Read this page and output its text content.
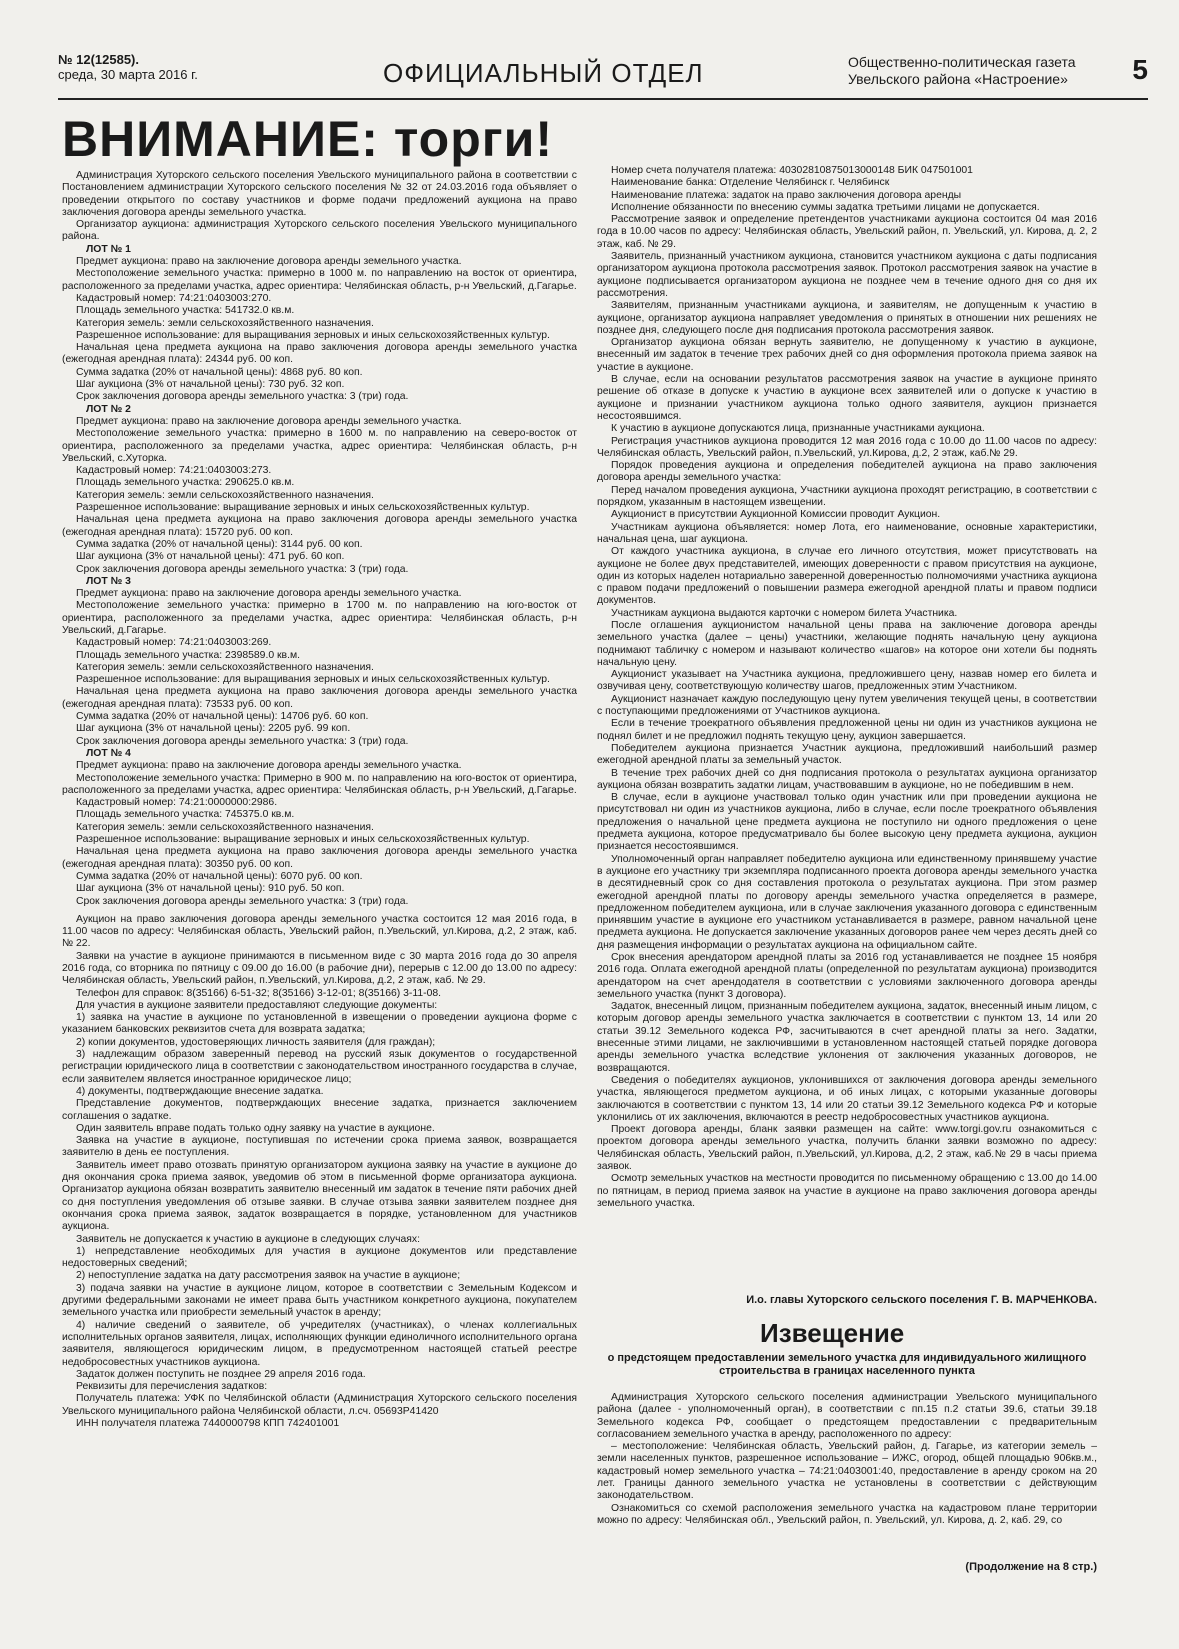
№ 12(12585).
среда, 30 марта 2016 г.	ОФИЦИАЛЬНЫЙ ОТДЕЛ	Общественно-политическая газета
Увельского района «Настроение» 5
ВНИМАНИЕ: торги!

Администрация Хуторского сельского поселения Увельского муниципального района в соответствии с Постановлением администрации Хуторского сельского поселения № 32 от 24.03.2016 года объявляет о проведении открытого по составу участников и форме подачи предложений аукциона на право заключения договора аренды земельного участка.

Организатор аукциона: администрация Хуторского сельского поселения Увельского муниципального района.

ЛОТ № 1

Предмет аукциона: право на заключение договора аренды земельного участка.

Местоположение земельного участка: примерно в 1000 м. по направлению на восток от ориентира, расположенного за пределами участка, адрес ориентира: Челябинская область, р-н Увельский, д.Гагарье.

Кадастровый номер: 74:21:0403003:270.

Площадь земельного участка: 541732.0 кв.м.

Категория земель: земли сельскохозяйственного назначения.

Разрешенное использование: для выращивания зерновых и иных сельскохозяйственных культур.

Начальная цена предмета аукциона на право заключения договора аренды земельного участка (ежегодная арендная плата): 24344 руб. 00 коп.

Сумма задатка (20% от начальной цены): 4868 руб. 80 коп.

Шаг аукциона (3% от начальной цены): 730 руб. 32 коп.

Срок заключения договора аренды земельного участка: 3 (три) года.

ЛОТ № 2

Предмет аукциона: право на заключение договора аренды земельного участка.

Местоположение земельного участка: примерно в 1600 м. по направлению на северо-восток от ориентира, расположенного за пределами участка, адрес ориентира: Челябинская область, р-н Увельский, с.Хуторка.

Кадастровый номер: 74:21:0403003:273.

Площадь земельного участка: 290625.0 кв.м.

Категория земель: земли сельскохозяйственного назначения.

Разрешенное использование: выращивание зерновых и иных сельскохозяйственных культур.

Начальная цена предмета аукциона на право заключения договора аренды земельного участка (ежегодная арендная плата): 15720 руб. 00 коп.

Сумма задатка (20% от начальной цены): 3144 руб. 00 коп.

Шаг аукциона (3% от начальной цены): 471 руб. 60 коп.

Срок заключения договора аренды земельного участка: 3 (три) года.

ЛОТ № 3

Предмет аукциона: право на заключение договора аренды земельного участка.

Местоположение земельного участка: примерно в 1700 м. по направлению на юго-восток от ориентира, расположенного за пределами участка, адрес ориентира: Челябинская область, р-н Увельский, д.Гагарье.

Кадастровый номер: 74:21:0403003:269.

Площадь земельного участка: 2398589.0 кв.м.

Категория земель: земли сельскохозяйственного назначения.

Разрешенное использование: для выращивания зерновых и иных сельскохозяйственных культур.

Начальная цена предмета аукциона на право заключения договора аренды земельного участка (ежегодная арендная плата): 73533 руб. 00 коп.

Сумма задатка (20% от начальной цены): 14706 руб. 60 коп.

Шаг аукциона (3% от начальной цены): 2205 руб. 99 коп.

Срок заключения договора аренды земельного участка: 3 (три) года.

ЛОТ № 4

Предмет аукциона: право на заключение договора аренды земельного участка.

Местоположение земельного участка: Примерно в 900 м. по направлению на юго-восток от ориентира, расположенного за пределами участка, адрес ориентира: Челябинская область, р-н Увельский, д.Гагарье.

Кадастровый номер: 74:21:0000000:2986.

Площадь земельного участка: 745375.0 кв.м.

Категория земель: земли сельскохозяйственного назначения.

Разрешенное использование: выращивание зерновых и иных сельскохозяйственных культур.

Начальная цена предмета аукциона на право заключения договора аренды земельного участка (ежегодная арендная плата): 30350 руб. 00 коп.

Сумма задатка (20% от начальной цены): 6070 руб. 00 коп.

Шаг аукциона (3% от начальной цены): 910 руб. 50 коп.

Срок заключения договора аренды земельного участка: 3 (три) года.

Аукцион на право заключения договора аренды земельного участка состоится 12 мая 2016 года, в 11.00 часов по адресу: Челябинская область, Увельский район, п.Увельский, ул.Кирова, д.2, 2 этаж, каб.№ 22.

Заявки на участие в аукционе принимаются в письменном виде с 30 марта 2016 года до 30 апреля 2016 года, со вторника по пятницу с 09.00 до 16.00 (в рабочие дни), перерыв с 12.00 до 13.00 по адресу: Челябинская область, Увельский район, п.Увельский, ул.Кирова, д.2, 2 этаж, каб. № 29.

Телефон для справок: 8(35166) 6-51-32; 8(35166) 3-12-01; 8(35166) 3-11-08.

Для участия в аукционе заявители предоставляют следующие документы:

1) заявка на участие в аукционе по установленной в извещении о проведении аукциона форме с указанием банковских реквизитов счета для возврата задатка;

2) копии документов, удостоверяющих личность заявителя (для граждан);

3) надлежащим образом заверенный перевод на русский язык документов о государственной регистрации юридического лица в соответствии с законодательством иностранного государства в случае, если заявителем является иностранное юридическое лицо;

4) документы, подтверждающие внесение задатка.

Представление документов, подтверждающих внесение задатка, признается заключением соглашения о задатке.

Один заявитель вправе подать только одну заявку на участие в аукционе.

Заявка на участие в аукционе, поступившая по истечении срока приема заявок, возвращается заявителю в день ее поступления.

Заявитель имеет право отозвать принятую организатором аукциона заявку на участие в аукционе до дня окончания срока приема заявок, уведомив об этом в письменной форме организатора аукциона. Организатор аукциона обязан возвратить заявителю внесенный им задаток в течение пяти рабочих дней со дня поступления уведомления об отзыве заявки. В случае отзыва заявки заявителем позднее дня окончания срока приема заявок, задаток возвращается в порядке, установленном для участников аукциона.

Заявитель не допускается к участию в аукционе в следующих случаях:

1) непредставление необходимых для участия в аукционе документов или представление недостоверных сведений;

2) непоступление задатка на дату рассмотрения заявок на участие в аукционе;

3) подача заявки на участие в аукционе лицом, которое в соответствии с Земельным Кодексом и другими федеральными законами не имеет права быть участником конкретного аукциона, покупателем земельного участка или приобрести земельный участок в аренду;

4) наличие сведений о заявителе, об учредителях (участниках), о членах коллегиальных исполнительных органов заявителя, лицах, исполняющих функции единоличного исполнительного органа заявителя, являющегося юридическим лицом, в предусмотренном настоящей статьей реестре недобросовестных участников аукциона.

Задаток должен поступить не позднее 29 апреля 2016 года.

Реквизиты для перечисления задатков:

Получатель платежа: УФК по Челябинской области (Администрация Хуторского сельского поселения Увельского муниципального района Челябинской области, л.сч. 05693P41420

ИНН получателя платежа 7440000798 КПП 742401001

Номер счета получателя платежа: 40302810875013000148 БИК 047501001

Наименование банка: Отделение Челябинск г. Челябинск

Наименование платежа: задаток на право заключения договора аренды

Исполнение обязанности по внесению суммы задатка третьими лицами не допускается.

Рассмотрение заявок и определение претендентов участниками аукциона состоится 04 мая 2016 года в 10.00 часов по адресу: Челябинская область, Увельский район, п. Увельский, ул. Кирова, д. 2, 2 этаж, каб. № 29.

Заявитель, признанный участником аукциона, становится участником аукциона с даты подписания организатором аукциона протокола рассмотрения заявок. Протокол рассмотрения заявок на участие в аукционе подписывается организатором аукциона не позднее чем в течение одного дня со дня их рассмотрения.

Заявителям, признанным участниками аукциона, и заявителям, не допущенным к участию в аукционе, организатор аукциона направляет уведомления о принятых в отношении них решениях не позднее дня, следующего после дня подписания протокола рассмотрения заявок.

Организатор аукциона обязан вернуть заявителю, не допущенному к участию в аукционе, внесенный им задаток в течение трех рабочих дней со дня оформления протокола приема заявок на участие в аукционе.

В случае, если на основании результатов рассмотрения заявок на участие в аукционе принято решение об отказе в допуске к участию в аукционе всех заявителей или о допуске к участию в аукционе и признании участником аукциона только одного заявителя, аукцион признается несостоявшимся.

К участию в аукционе допускаются лица, признанные участниками аукциона.

Регистрация участников аукциона проводится 12 мая 2016 года с 10.00 до 11.00 часов по адресу: Челябинская область, Увельский район, п.Увельский, ул.Кирова, д.2, 2 этаж, каб.№ 29.

Порядок проведения аукциона и определения победителей аукциона на право заключения договора аренды земельного участка:

Перед началом проведения аукциона, Участники аукциона проходят регистрацию, в соответствии с порядком, указанным в настоящем извещении.

Аукционист в присутствии Аукционной Комиссии проводит Аукцион.

Участникам аукциона объявляется: номер Лота, его наименование, основные характеристики, начальная цена, шаг аукциона.

От каждого участника аукциона, в случае его личного отсутствия, может присутствовать на аукционе не более двух представителей, имеющих доверенности с правом присутствия на аукционе, один из которых наделен нотариально заверенной доверенностью полномочиями участника аукциона с правом подачи предложений о повышении размера ежегодной арендной платы и правом подписи документов.

Участникам аукциона выдаются карточки с номером билета Участника.

После оглашения аукционистом начальной цены права на заключение договора аренды земельного участка (далее – цены) участники, желающие поднять начальную цену аукциона поднимают табличку с номером и называют количество «шагов» на которое они хотели бы поднять начальную цену.

Аукционист указывает на Участника аукциона, предложившего цену, назвав номер его билета и озвучивая цену, соответствующую количеству шагов, предложенных этим Участником.

Аукционист назначает каждую последующую цену путем увеличения текущей цены, в соответствии с поступающими предложениями от Участников аукциона.

Если в течение троекратного объявления предложенной цены ни один из участников аукциона не поднял билет и не предложил поднять текущую цену, аукцион завершается.

Победителем аукциона признается Участник аукциона, предложивший наибольший размер ежегодной арендной платы за земельный участок.

В течение трех рабочих дней со дня подписания протокола о результатах аукциона организатор аукциона обязан возвратить задатки лицам, участвовавшим в аукционе, но не победившим в нем.

В случае, если в аукционе участвовал только один участник или при проведении аукциона не присутствовал ни один из участников аукциона, либо в случае, если после троекратного объявления предложения о начальной цене предмета аукциона не поступило ни одного предложения о цене предмета аукциона, которое предусматривало бы более высокую цену предмета аукциона, аукцион признается несостоявшимся.

Уполномоченный орган направляет победителю аукциона или единственному принявшему участие в аукционе его участнику три экземпляра подписанного проекта договора аренды земельного участка в десятидневный срок со дня составления протокола о результатах аукциона. При этом размер ежегодной арендной платы по договору аренды земельного участка определяется в размере, предложенном победителем аукциона, или в случае заключения указанного договора с единственным принявшим участие в аукционе его участником устанавливается в размере, равном начальной цене предмета аукциона. Не допускается заключение указанных договоров ранее чем через десять дней со дня размещения информации о результатах аукциона на официальном сайте.

Срок внесения арендатором арендной платы за 2016 год устанавливается не позднее 15 ноября 2016 года. Оплата ежегодной арендной платы (определенной по результатам аукциона) производится арендатором на счет арендодателя в соответствии с условиями заключенного договора аренды земельного участка (пункт 3 договора).

Задаток, внесенный лицом, признанным победителем аукциона, задаток, внесенный иным лицом, с которым договор аренды земельного участка заключается в соответствии с пунктом 13, 14 или 20 статьи 39.12 Земельного кодекса РФ, засчитываются в счет арендной платы за него. Задатки, внесенные этими лицами, не заключившими в установленном настоящей статьей порядке договора аренды земельного участка вследствие уклонения от заключения указанных договоров, не возвращаются.

Сведения о победителях аукционов, уклонившихся от заключения договора аренды земельного участка, являющегося предметом аукциона, и об иных лицах, с которыми указанные договоры заключаются в соответствии с пунктом 13, 14 или 20 статьи 39.12 Земельного кодекса РФ и которые уклонились от их заключения, включаются в реестр недобросовестных участников аукциона.

Проект договора аренды, бланк заявки размещен на сайте: www.torgi.gov.ru ознакомиться с проектом договора аренды земельного участка, получить бланки заявки возможно по адресу: Челябинская область, Увельский район, п.Увельский, ул.Кирова, д.2, 2 этаж, каб.№ 29 в часы приема заявок.

Осмотр земельных участков на местности проводится по письменному обращению с 13.00 до 14.00 по пятницам, в период приема заявок на участие в аукционе на право заключения договора аренды земельного участка.

И.о. главы Хуторского сельского поселения Г. В. МАРЧЕНКОВА.
Извещение
о предстоящем предоставлении земельного участка для индивидуального жилищного строительства в границах населенного пункта

Администрация Хуторского сельского поселения администрации Увельского муниципального района (далее - уполномоченный орган), в соответствии с пп.15 п.2 статьи 39.6, статьи 39.18 Земельного кодекса РФ, сообщает о предстоящем предоставлении с предварительным согласованием земельного участка в аренду, расположенного по адресу:

– местоположение: Челябинская область, Увельский район, д. Гагарье, из категории земель – земли населенных пунктов, разрешенное использование – ИЖС, огород, общей площадью 906кв.м., кадастровый номер земельного участка – 74:21:0403001:40, предоставление в аренду сроком на 20 лет. Границы данного земельного участка не установлены в соответствии с действующим законодательством.

Ознакомиться со схемой расположения земельного участка на кадастровом плане территории можно по адресу: Челябинская обл., Увельский район, п. Увельский, ул. Кирова, д. 2, каб. 29, со

(Продолжение на 8 стр.)
